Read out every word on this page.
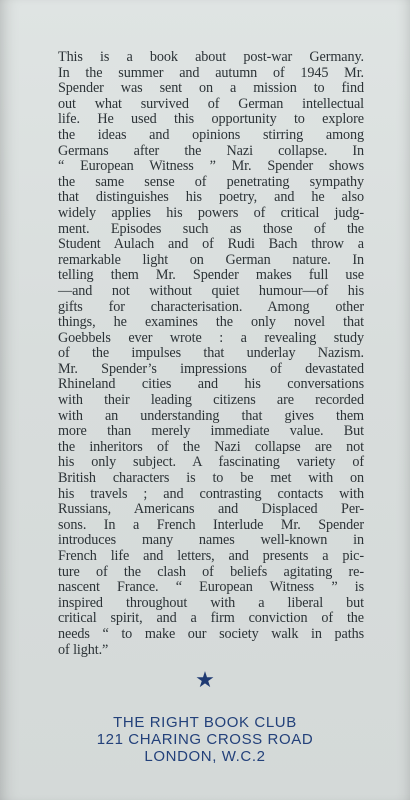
This is a book about post-war Germany.
In the summer and autumn of 1945 Mr.
Spender was sent on a mission to find
out what survived of German intellectual
life. He used this opportunity to explore
the ideas and opinions stirring among
Germans after the Nazi collapse. In
“ European Witness ” Mr. Spender shows
the same sense of penetrating sympathy
that distinguishes his poetry, and he also
widely applies his powers of critical judg-
ment. Episodes such as those of the
Student Aulach and of Rudi Bach throw a
remarkable light on German nature. In
telling them Mr. Spender makes full use
—and not without quiet humour—of his
gifts for characterisation. Among other
things, he examines the only novel that
Goebbels ever wrote : a revealing study
of the impulses that underlay Nazism.
Mr. Spender’s impressions of devastated
Rhineland cities and his conversations
with their leading citizens are recorded
with an understanding that gives them
more than merely immediate value. But
the inheritors of the Nazi collapse are not
his only subject. A fascinating variety of
British characters is to be met with on
his travels ; and contrasting contacts with
Russians, Americans and Displaced Per-
sons. In a French Interlude Mr. Spender
introduces many names well-known in
French life and letters, and presents a pic-
ture of the clash of beliefs agitating re-
nascent France. “ European Witness ” is
inspired throughout with a liberal but
critical spirit, and a firm conviction of the
needs “ to make our society walk in paths
of light.”
★
THE RIGHT BOOK CLUB
121 CHARING CROSS ROAD
LONDON, W.C.2
